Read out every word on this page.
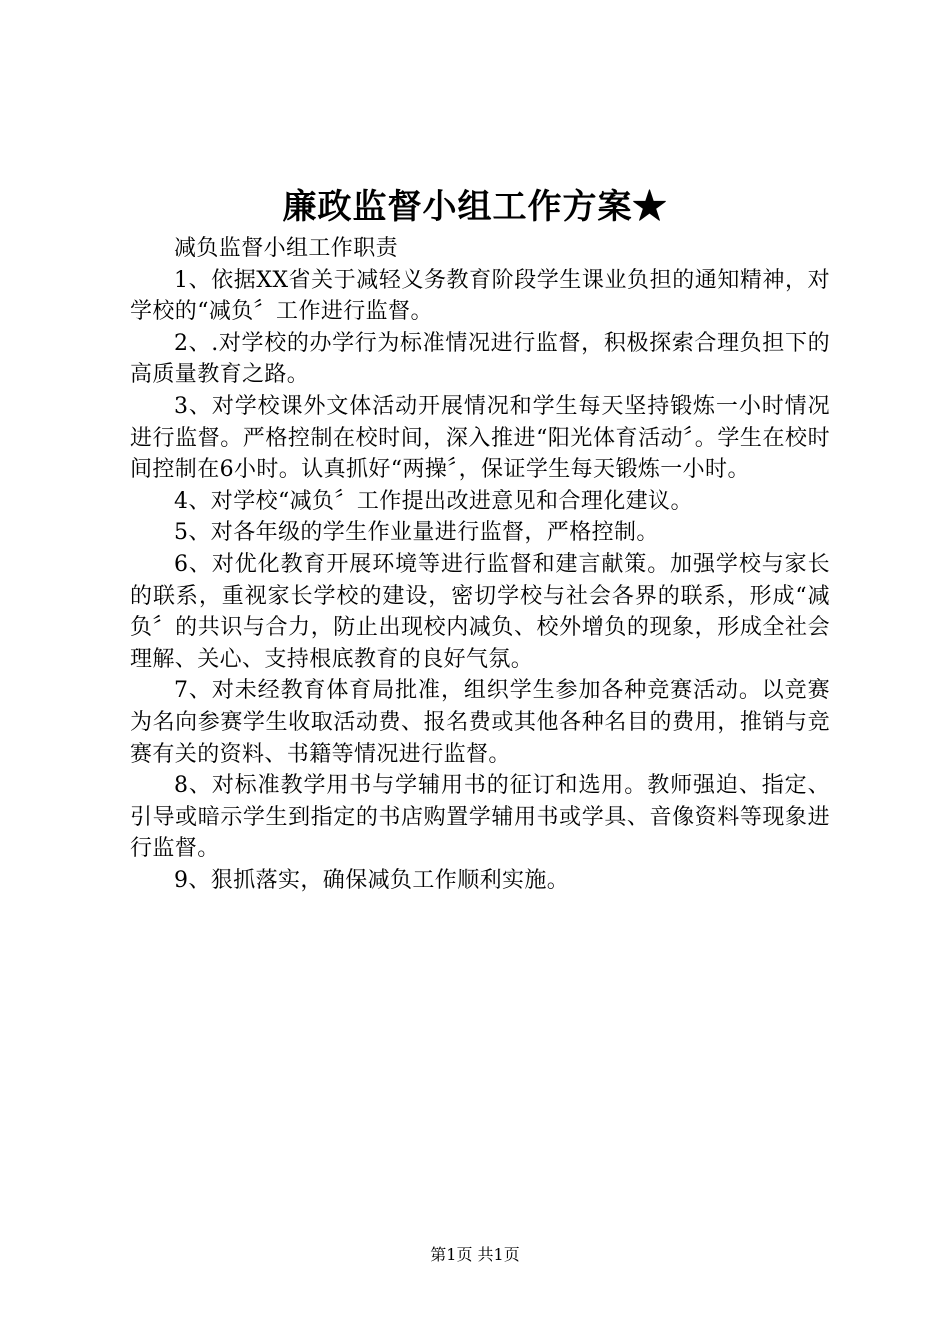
廉政监督小组工作方案★

减负监督小组工作职责

1、依据XX省关于减轻义务教育阶段学生课业负担的通知精神，对学校的“减负〞工作进行监督。

2、.对学校的办学行为标准情况进行监督，积极探索合理负担下的高质量教育之路。

3、对学校课外文体活动开展情况和学生每天坚持锻炼一小时情况进行监督。严格控制在校时间，深入推进“阳光体育活动〞。学生在校时间控制在6小时。认真抓好“两操〞，保证学生每天锻炼一小时。

4、对学校“减负〞工作提出改进意见和合理化建议。

5、对各年级的学生作业量进行监督，严格控制。

6、对优化教育开展环境等进行监督和建言献策。加强学校与家长的联系，重视家长学校的建设，密切学校与社会各界的联系，形成“减负〞的共识与合力，防止出现校内减负、校外增负的现象，形成全社会理解、关心、支持根底教育的良好气氛。

7、对未经教育体育局批准，组织学生参加各种竞赛活动。以竞赛为名向参赛学生收取活动费、报名费或其他各种名目的费用，推销与竞赛有关的资料、书籍等情况进行监督。

8、对标准教学用书与学辅用书的征订和选用。教师强迫、指定、引导或暗示学生到指定的书店购置学辅用书或学具、音像资料等现象进行监督。

9、狠抓落实，确保减负工作顺利实施。

第1页 共1页
